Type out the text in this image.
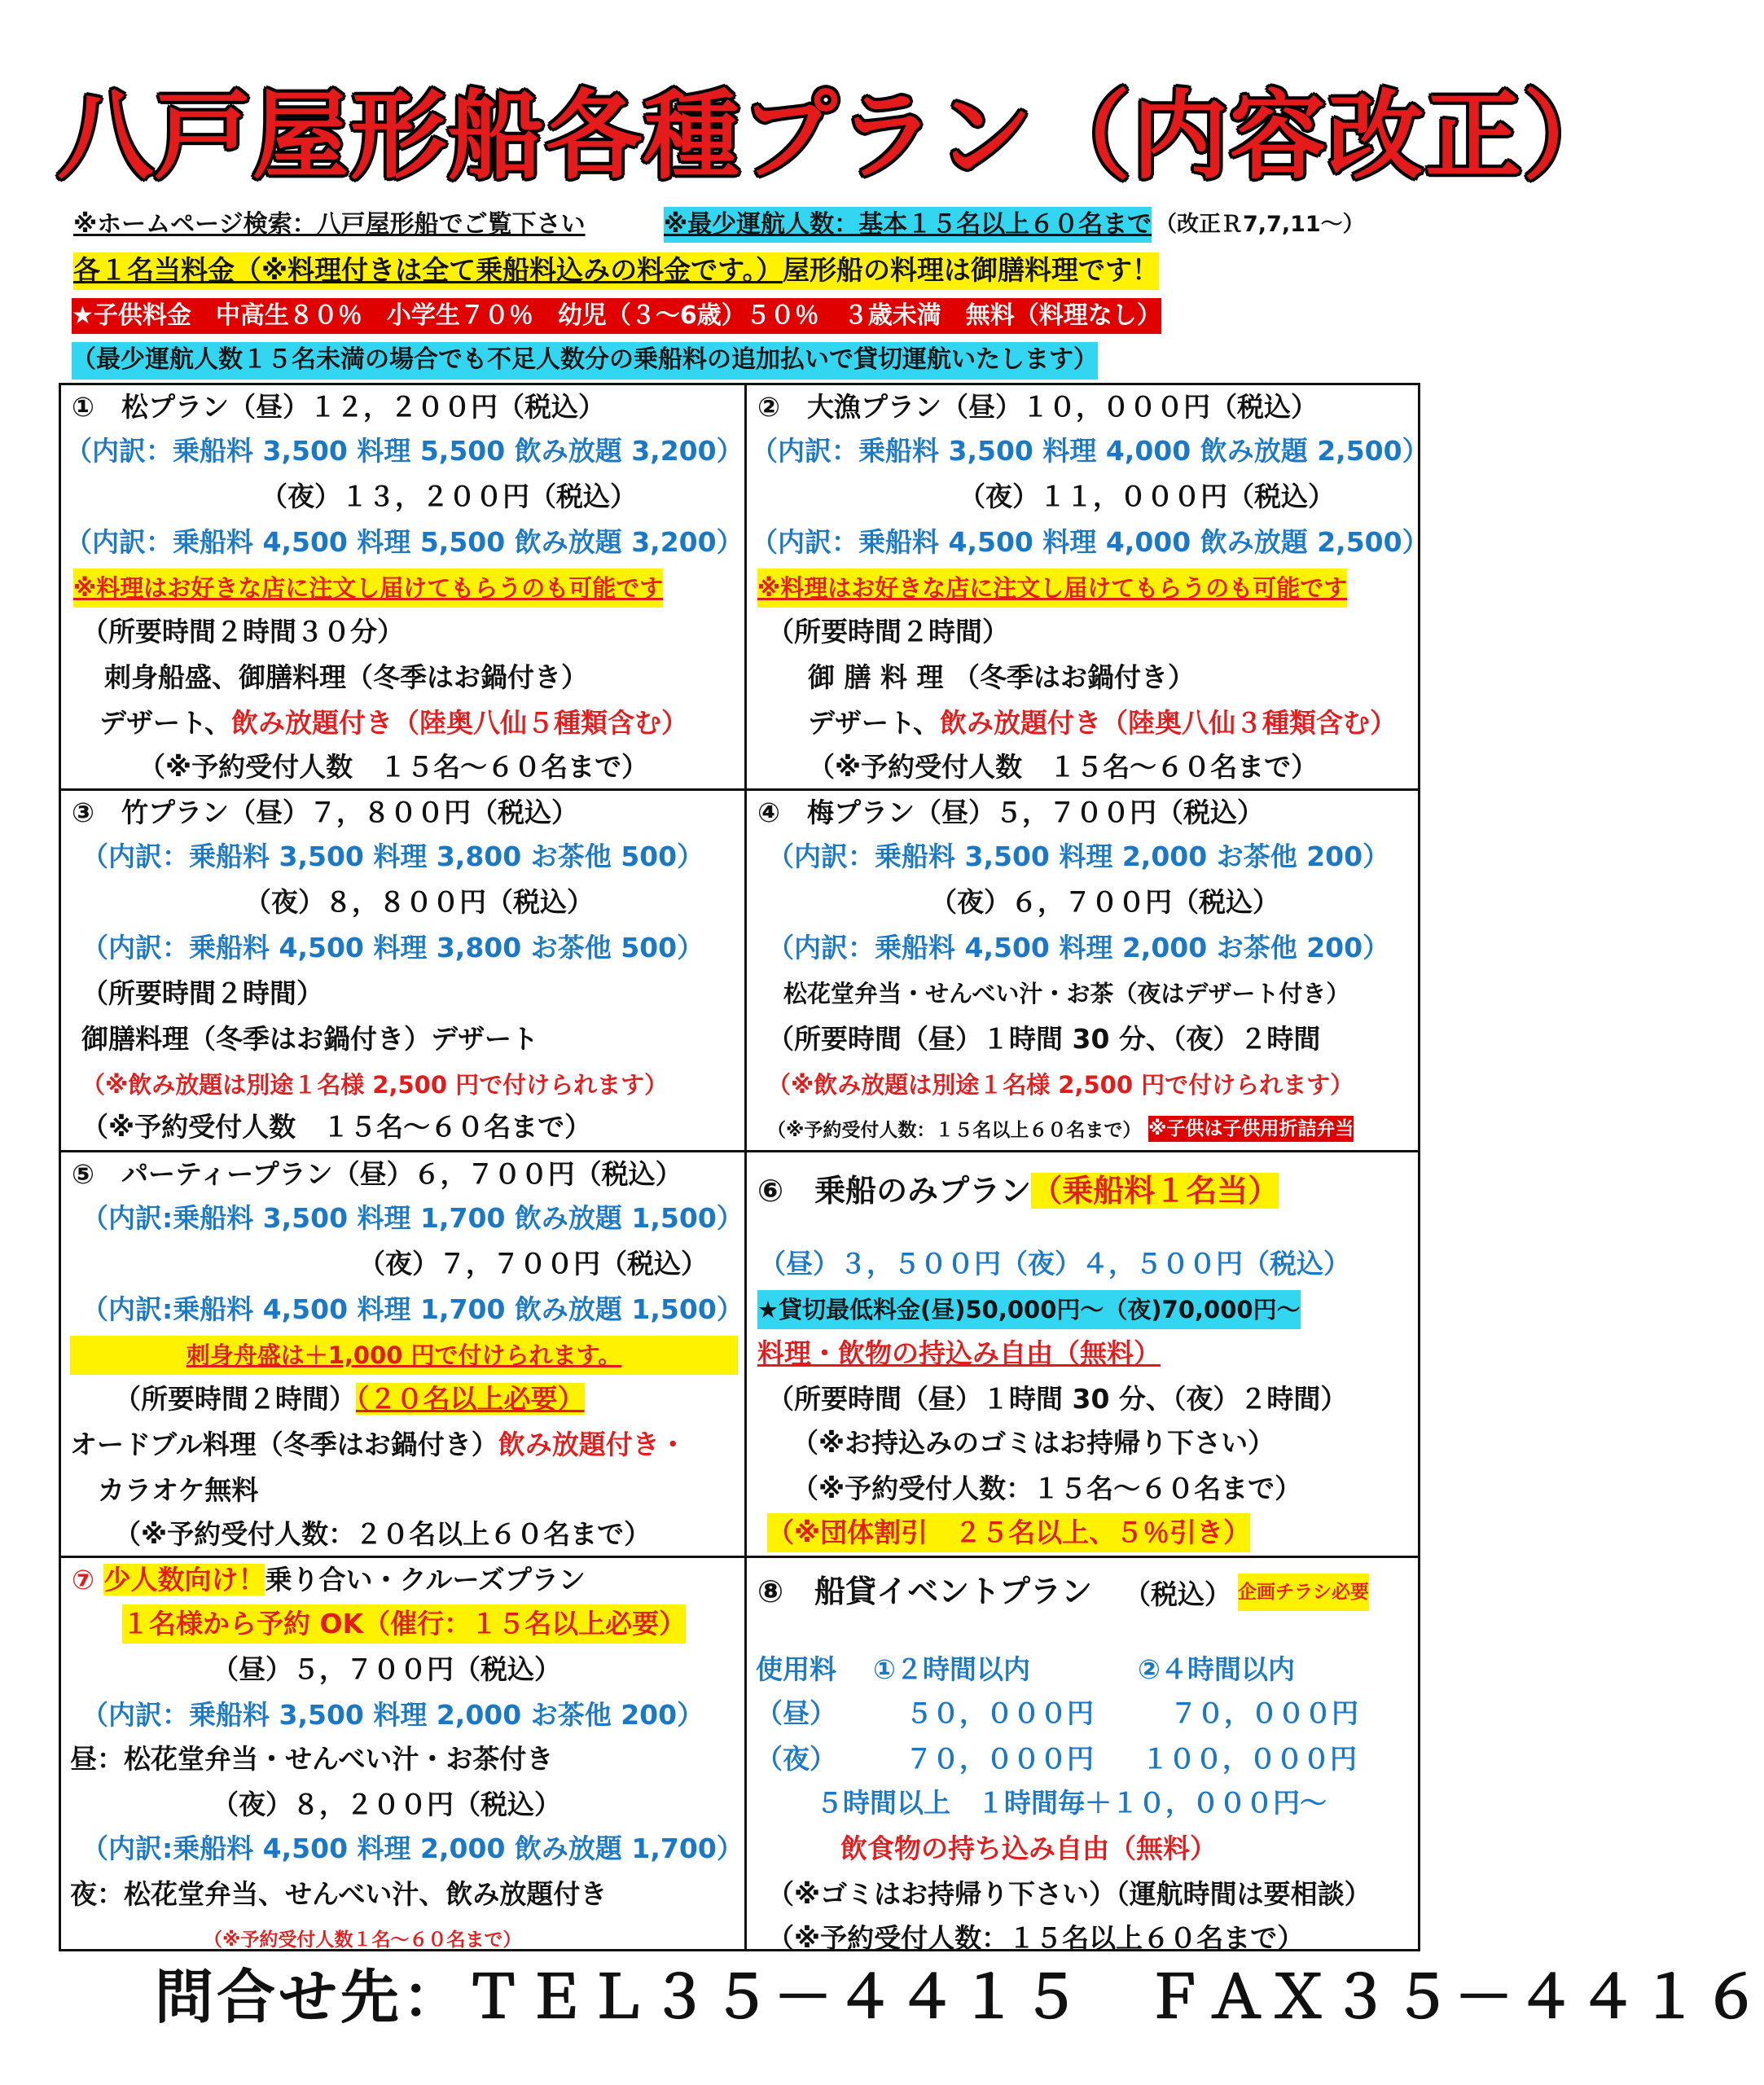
八戸屋形船各種プラン（内容改正）
※ホームページ検索：八戸屋形船でご覧下さい	※最少運航人数：基本１５名以上６０名まで （改正Ｒ7,7,11～）
各１名当料金（※料理付きは全て乗船料込みの料金です。）屋形船の料理は御膳料理です！
★子供料金　中高生８０％　小学生７０％　幼児（３～6歳）５０％　３歳未満　無料（料理なし）
（最少運航人数１５名未満の場合でも不足人数分の乗船料の追加払いで貸切運航いたします）
①　松プラン（昼）１２，２００円（税込）
（内訳：乗船料 3,500 料理 5,500 飲み放題 3,200）
（夜）１３，２００円（税込）
（内訳：乗船料 4,500 料理 5,500 飲み放題 3,200）
※料理はお好きな店に注文し届けてもらうのも可能です
（所要時間２時間３０分）
刺身船盛、御膳料理（冬季はお鍋付き）
デザート、飲み放題付き（陸奥八仙５種類含む）
（※予約受付人数　１５名～６０名まで）
②　大漁プラン（昼）１０，０００円（税込）
（内訳：乗船料 3,500 料理 4,000 飲み放題 2,500）
（夜）１１，０００円（税込）
（内訳：乗船料 4,500 料理 4,000 飲み放題 2,500）
※料理はお好きな店に注文し届けてもらうのも可能です
（所要時間２時間）
御 膳 料 理 （冬季はお鍋付き）
デザート、飲み放題付き（陸奥八仙３種類含む）
（※予約受付人数　１５名～６０名まで）
③　竹プラン（昼）７，８００円（税込）
（内訳：乗船料 3,500 料理 3,800 お茶他 500）
（夜）８，８００円（税込）
（内訳：乗船料 4,500 料理 3,800 お茶他 500）
（所要時間２時間）
御膳料理（冬季はお鍋付き）デザート
（※飲み放題は別途１名様 2,500 円で付けられます）
（※予約受付人数　１５名～６０名まで）
④　梅プラン（昼）５，７００円（税込）
（内訳：乗船料 3,500 料理 2,000 お茶他 200）
（夜）６，７００円（税込）
（内訳：乗船料 4,500 料理 2,000 お茶他 200）
松花堂弁当・せんべい汁・お茶（夜はデザート付き）
（所要時間（昼）１時間 30 分、（夜）２時間
（※飲み放題は別途１名様 2,500 円で付けられます）
（※予約受付人数：１５名以上６０名まで） ※子供は子供用折詰弁当
⑤　パーティープラン（昼）６，７００円（税込）
（内訳:乗船料 3,500 料理 1,700 飲み放題 1,500）
（夜）７，７００円（税込）
（内訳:乗船料 4,500 料理 1,700 飲み放題 1,500）
刺身舟盛は＋1,000 円で付けられます。
（所要時間２時間）（２０名以上必要）
オードブル料理（冬季はお鍋付き）飲み放題付き・
カラオケ無料
（※予約受付人数：２０名以上６０名まで）
⑥　乗船のみプラン（乗船料１名当）
（昼）３，５００円（夜）４，５００円（税込）
★貸切最低料金(昼)50,000円～（夜)70,000円～
料理・飲物の持込み自由（無料）
（所要時間（昼）１時間 30 分、（夜）２時間）
（※お持込みのゴミはお持帰り下さい）
（※予約受付人数：１５名～６０名まで）
（※団体割引　２５名以上、５％引き）
⑦ 少人数向け！乗り合い・クルーズプラン
１名様から予約 OK（催行：１５名以上必要）
（昼）５，７００円（税込）
（内訳：乗船料 3,500 料理 2,000 お茶他 200）
昼：松花堂弁当・せんべい汁・お茶付き
（夜）８，２００円（税込）
（内訳:乗船料 4,500 料理 2,000 飲み放題 1,700）
夜：松花堂弁当、せんべい汁、飲み放題付き
（※予約受付人数１名～６０名まで）
⑧　船貸イベントプラン （税込） 企画チラシ必要
使用料 ①２時間以内	②４時間以内
（昼）	５０，０００円	７０，０００円
（夜）	７０，０００円 １００，０００円
５時間以上　１時間毎＋１０，０００円～
飲食物の持ち込み自由（無料）
（※ゴミはお持帰り下さい）（運航時間は要相談）
（※予約受付人数：１５名以上６０名まで）
問合せ先：ＴＥＬ３５－４４１５　ＦＡＸ３５－４４１６
